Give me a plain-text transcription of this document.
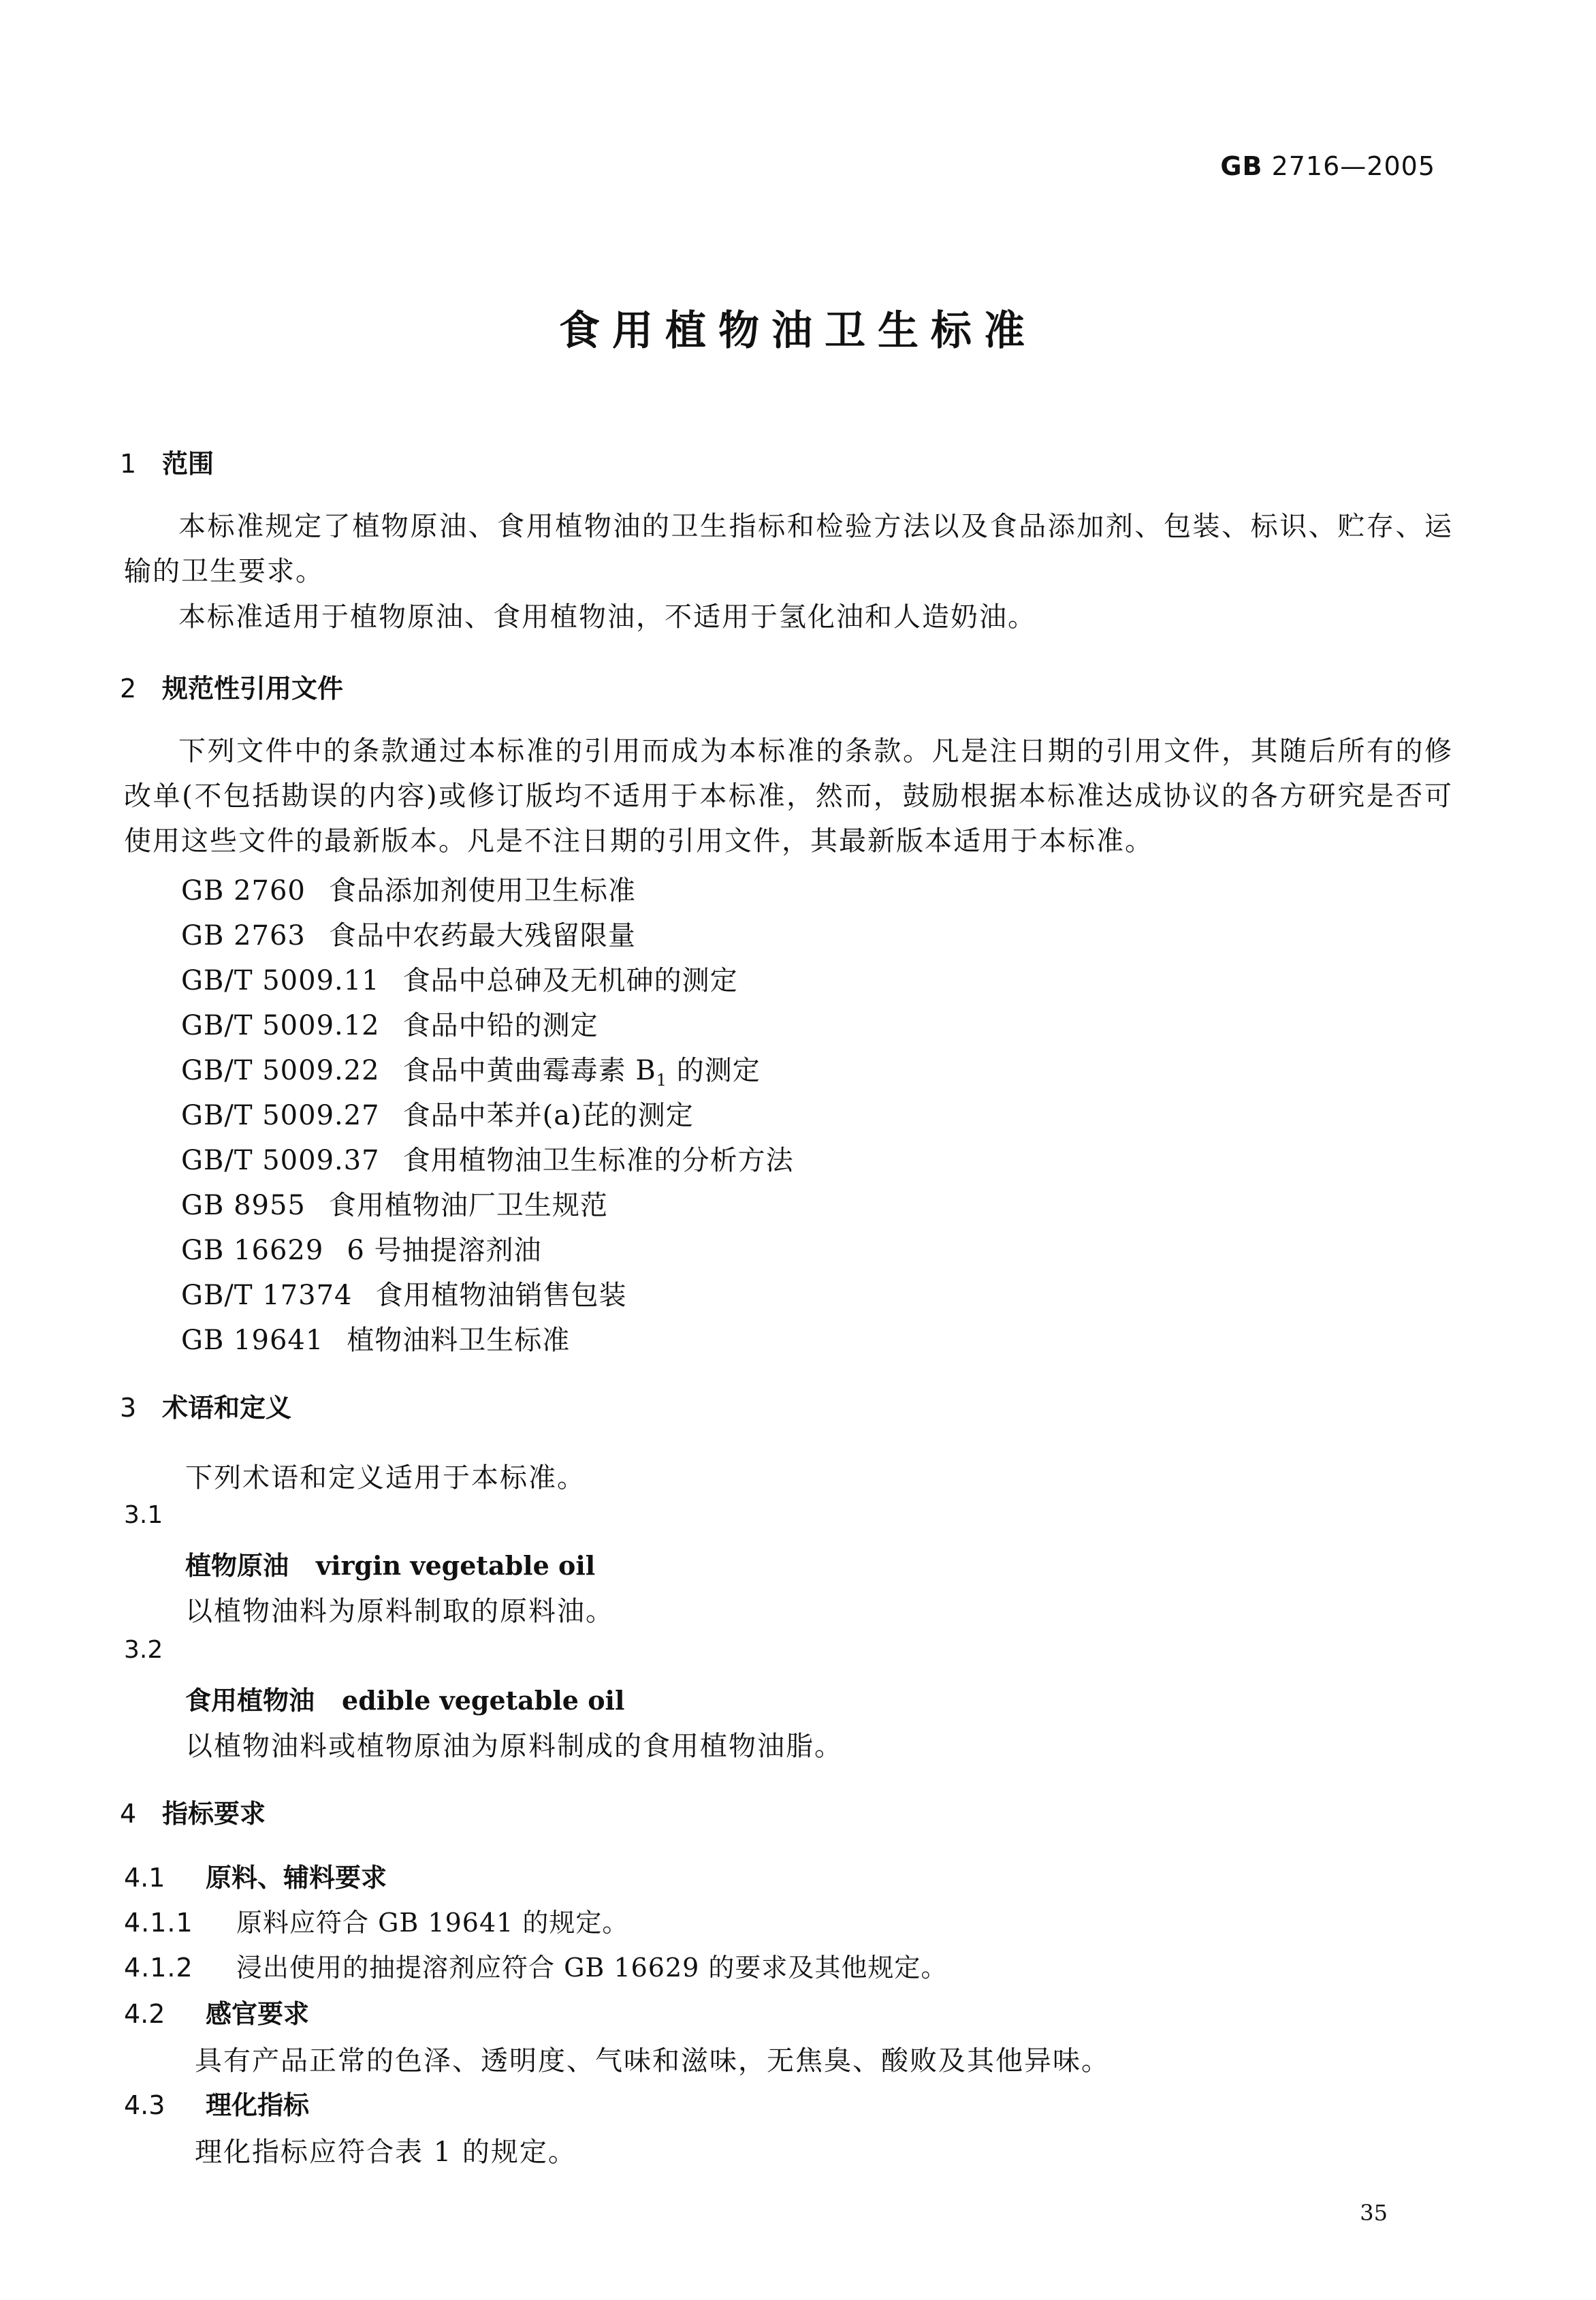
GB 2716—2005
食用植物油卫生标准
1 范围
本标准规定了植物原油、食用植物油的卫生指标和检验方法以及食品添加剂、包装、标识、贮存、运输的卫生要求。
本标准适用于植物原油、食用植物油，不适用于氢化油和人造奶油。
2 规范性引用文件
下列文件中的条款通过本标准的引用而成为本标准的条款。凡是注日期的引用文件，其随后所有的修改单(不包括勘误的内容)或修订版均不适用于本标准，然而，鼓励根据本标准达成协议的各方研究是否可使用这些文件的最新版本。凡是不注日期的引用文件，其最新版本适用于本标准。
GB 2760 食品添加剂使用卫生标准
GB 2763 食品中农药最大残留限量
GB/T 5009.11 食品中总砷及无机砷的测定
GB/T 5009.12 食品中铅的测定
GB/T 5009.22 食品中黄曲霉毒素 $B_1$ 的测定
GB/T 5009.27 食品中苯并(a)芘的测定
GB/T 5009.37 食用植物油卫生标准的分析方法
GB 8955 食用植物油厂卫生规范
GB 16629 6 号抽提溶剂油
GB/T 17374 食用植物油销售包装
GB 19641 植物油料卫生标准
3 术语和定义
下列术语和定义适用于本标准。
3.1
植物原油 virgin vegetable oil
以植物油料为原料制取的原料油。
3.2
食用植物油 edible vegetable oil
以植物油料或植物原油为原料制成的食用植物油脂。
4 指标要求
4.1 原料、辅料要求
4.1.1 原料应符合 GB 19641 的规定。
4.1.2 浸出使用的抽提溶剂应符合 GB 16629 的要求及其他规定。
4.2 感官要求
具有产品正常的色泽、透明度、气味和滋味，无焦臭、酸败及其他异味。
4.3 理化指标
理化指标应符合表 1 的规定。
35
